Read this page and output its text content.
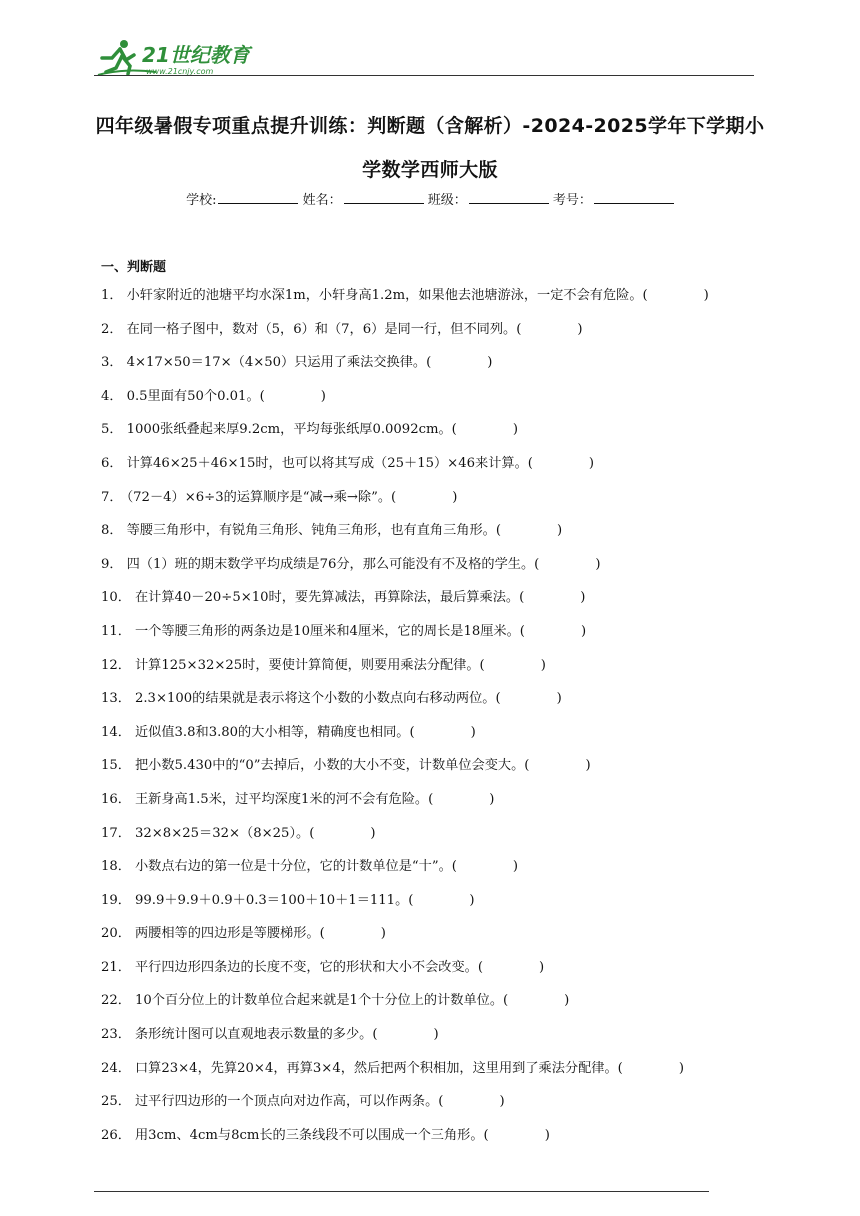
21世纪教育
www.21cnjy.com
四年级暑假专项重点提升训练：判断题（含解析）-2024-2025学年下学期小学数学西师大版
学校:	姓名：	班级：	考号：
一、判断题
1． 小轩家附近的池塘平均水深1m，小轩身高1.2m，如果他去池塘游泳，一定不会有危险。(	)
2． 在同一格子图中，数对（5，6）和（7，6）是同一行，但不同列。(	)
3． 4×17×50＝17×（4×50）只运用了乘法交换律。(	)
4． 0.5里面有50个0.01。(	)
5． 1000张纸叠起来厚9.2cm，平均每张纸厚0.0092cm。(	)
6． 计算46×25＋46×15时，也可以将其写成（25＋15）×46来计算。(	)
7． （72－4）×6÷3的运算顺序是“减→乘→除”。(	)
8． 等腰三角形中，有锐角三角形、钝角三角形，也有直角三角形。(	)
9． 四（1）班的期末数学平均成绩是76分，那么可能没有不及格的学生。(	)
10． 在计算40－20÷5×10时，要先算减法，再算除法，最后算乘法。(	)
11． 一个等腰三角形的两条边是10厘米和4厘米，它的周长是18厘米。(	)
12． 计算125×32×25时，要使计算简便，则要用乘法分配律。(	)
13． 2.3×100的结果就是表示将这个小数的小数点向右移动两位。(	)
14． 近似值3.8和3.80的大小相等，精确度也相同。(	)
15． 把小数5.430中的“0”去掉后，小数的大小不变，计数单位会变大。(	)
16． 王新身高1.5米，过平均深度1米的河不会有危险。(	)
17． 32×8×25＝32×（8×25）。(	)
18． 小数点右边的第一位是十分位，它的计数单位是“十”。(	)
19． 99.9＋9.9＋0.9＋0.3＝100＋10＋1＝111。(	)
20． 两腰相等的四边形是等腰梯形。(	)
21． 平行四边形四条边的长度不变，它的形状和大小不会改变。(	)
22． 10个百分位上的计数单位合起来就是1个十分位上的计数单位。(	)
23． 条形统计图可以直观地表示数量的多少。(	)
24． 口算23×4，先算20×4，再算3×4，然后把两个积相加，这里用到了乘法分配律。(	)
25． 过平行四边形的一个顶点向对边作高，可以作两条。(	)
26． 用3cm、4cm与8cm长的三条线段不可以围成一个三角形。(	)
